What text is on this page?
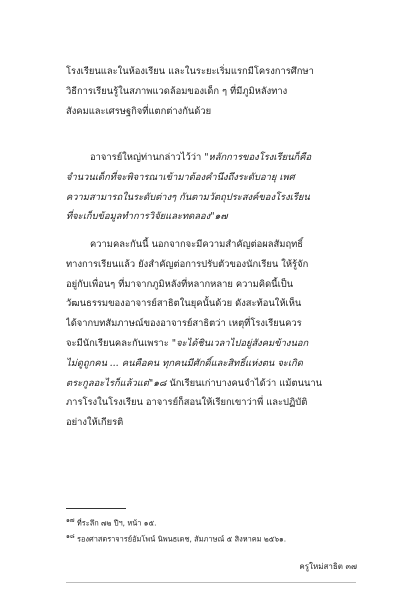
โรงเรียนและในห้องเรียน และในระยะเริ่มแรกมีโครงการศึกษา
วิธีการเรียนรู้ในสภาพแวดล้อมของเด็ก ๆ ที่มีภูมิหลังทาง
สังคมและเศรษฐกิจที่แตกต่างกันด้วย
อาจารย์ใหญ่ท่านกล่าวไว้ว่า "หลักการของโรงเรียนก็คือ
จำนวนเด็กที่จะพิจารณาเข้ามาต้องคำนึงถึงระดับอายุ เพศ
ความสามารถในระดับต่างๆ กันตามวัตถุประสงค์ของโรงเรียน
ที่จะเก็บข้อมูลทำการวิจัยและทดลอง"๑๗
ความคละกันนี้ นอกจากจะมีความสำคัญต่อผลสัมฤทธิ์
ทางการเรียนแล้ว ยังสำคัญต่อการปรับตัวของนักเรียน ให้รู้จัก
อยู่กับเพื่อนๆ ที่มาจากภูมิหลังที่หลากหลาย ความคิดนี้เป็น
วัฒนธรรมของอาจารย์สาธิตในยุคนั้นด้วย ดังสะท้อนให้เห็น
ได้จากบทสัมภาษณ์ของอาจารย์สาธิตว่า เหตุที่โรงเรียนควร
จะมีนักเรียนคละกันเพราะ "จะได้ชินเวลาไปอยู่สังคมข้างนอก
ไม่ดูถูกคน ... คนคือคน ทุกคนมีศักดิ์และสิทธิ์แห่งตน จะเกิด
ตระกูลอะไรก็แล้วแต่"๑๘ นักเรียนเก่าบางคนจำได้ว่า แม้ตนนาน
ภารโรงในโรงเรียน อาจารย์ก็สอนให้เรียกเขาว่าพี่ และปฏิบัติ
อย่างให้เกียรติ
$^{๑๗}$ ที่ระลึก ๗๒ ปีฯ, หน้า ๑๕.
$^{๑๘}$ รองศาสตราจารย์อัมโพน์ นิพนธเดช, สัมภาษณ์ ๕ สิงหาคม ๒๕๖๑.
ครูใหม่สาธิต ๓๗
